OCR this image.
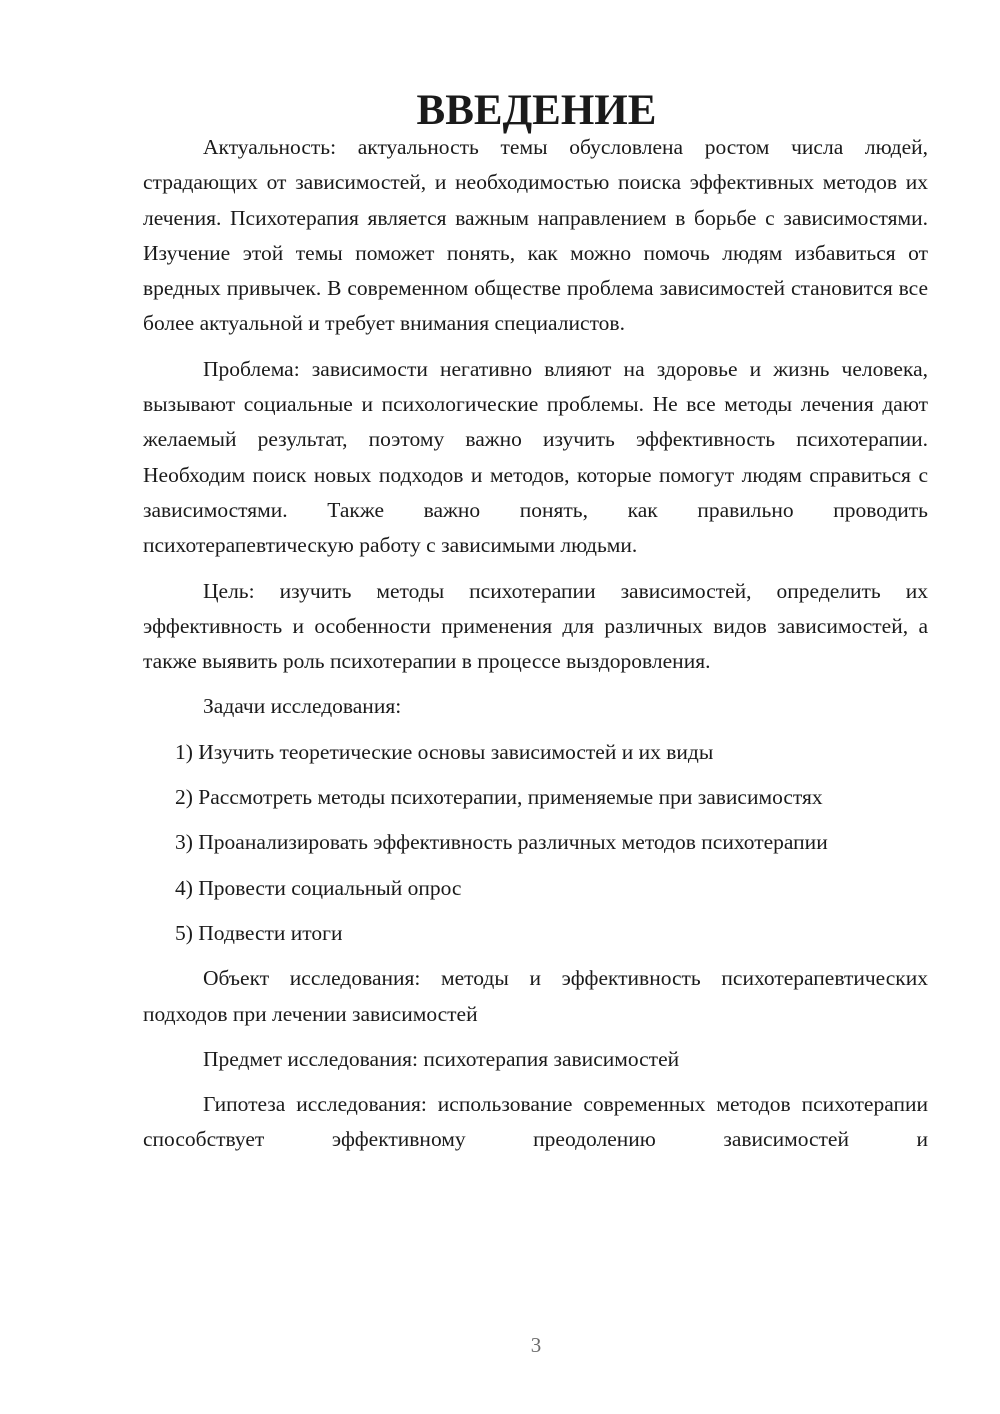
ВВЕДЕНИЕ

Актуальность: актуальность темы обусловлена ростом числа людей, страдающих от зависимостей, и необходимостью поиска эффективных методов их лечения. Психотерапия является важным направлением в борьбе с зависимостями. Изучение этой темы поможет понять, как можно помочь людям избавиться от вредных привычек. В современном обществе проблема зависимостей становится все более актуальной и требует внимания специалистов.

Проблема: зависимости негативно влияют на здоровье и жизнь человека, вызывают социальные и психологические проблемы. Не все методы лечения дают желаемый результат, поэтому важно изучить эффективность психотерапии. Необходим поиск новых подходов и методов, которые помогут людям справиться с зависимостями. Также важно понять, как правильно проводить психотерапевтическую работу с зависимыми людьми.

Цель: изучить методы психотерапии зависимостей, определить их эффективность и особенности применения для различных видов зависимостей, а также выявить роль психотерапии в процессе выздоровления.

Задачи исследования:

1) Изучить теоретические основы зависимостей и их виды

2) Рассмотреть методы психотерапии, применяемые при зависимостях

3) Проанализировать эффективность различных методов психотерапии

4) Провести социальный опрос

5) Подвести итоги

Объект исследования: методы и эффективность психотерапевтических подходов при лечении зависимостей

Предмет исследования: психотерапия зависимостей

Гипотеза исследования: использование современных методов психотерапии способствует эффективному преодолению зависимостей и

3
